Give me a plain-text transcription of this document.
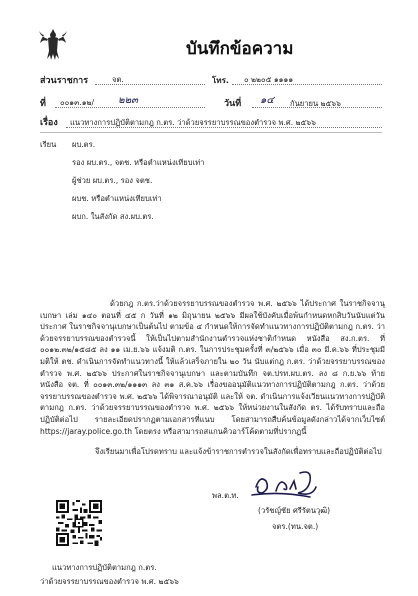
บันทึกข้อความ
ส่วนราชการ	จต.	โทร. ๐ ๒๒๐๕ ๑๑๑๑
ที่ ๐๐๑๓.๑๒/ ๒๒๓	วันที่ ๑๔ กันยายน ๒๕๖๖
เรื่อง แนวทางการปฏิบัติตามกฎ ก.ตร. ว่าด้วยจรรยาบรรณของตำรวจ พ.ศ. ๒๕๖๖
เรียน ผบ.ตร.
รอง ผบ.ตร., จตช. หรือตำแหน่งเทียบเท่า
ผู้ช่วย ผบ.ตร., รอง จตช.
ผบช. หรือตำแหน่งเทียบเท่า
ผบก. ในสังกัด สง.ผบ.ตร.

ด้วยกฎ ก.ตร.ว่าด้วยจรรยาบรรณของตำรวจ พ.ศ. ๒๕๖๖ ได้ประกาศ ในราชกิจจานุเบกษา เล่ม ๑๔๐ ตอนที่ ๔๕ ก วันที่ ๑๒ มิถุนายน ๒๕๖๖ มีผลใช้บังคับเมื่อพ้นกำหนดหกสิบวันนับแต่วันประกาศ ในราชกิจจานุเบกษาเป็นต้นไป ตามข้อ ๔ กำหนดให้การจัดทำแนวทางการปฏิบัติตามกฎ ก.ตร. ว่าด้วยจรรยาบรรณของตำรวจนี้ ให้เป็นไปตามสำนักงานตำรวจแห่งชาติกำหนด หนังสือ สง.ก.ตร. ที่ ๐๐๑๒.๓๒/๑๕๘๕ ลง ๑๑ เม.ย.๖๖ แจ้งมติ ก.ตร. ในการประชุมครั้งที่ ๓/๒๕๖๖ เมื่อ ๓๐ มี.ค.๖๖ ที่ประชุมมีมติให้ ตช. ดำเนินการจัดทำแนวทางนี้ ให้แล้วเสร็จภายใน ๒๐ วัน นับแต่กฎ ก.ตร. ว่าด้วยจรรยาบรรณของตำรวจ พ.ศ. ๒๕๖๖ ประกาศในราชกิจจานุเบกษา และตามบันทึก จต.ปรท.ผบ.ตร. ลง ๘ ก.ย.๖๖ ท้ายหนังสือ จต. ที่ ๐๐๑๓.๓๒/๑๑๑๓ ลง ๓๑ ส.ค.๖๖ เรื่องขออนุมัติแนวทางการปฏิบัติตามกฎ ก.ตร. ว่าด้วยจรรยาบรรณของตำรวจ พ.ศ. ๒๕๖๖ ได้พิจารณาอนุมัติ และให้ จต. ดำเนินการแจ้งเวียนแนวทางการปฏิบัติตามกฎ ก.ตร. ว่าด้วยจรรยาบรรณของตำรวจ พ.ศ. ๒๕๖๖ ให้หน่วยงานในสังกัด ตร. ได้รับทราบและถือปฏิบัติต่อไป รายละเอียดปรากฏตามเอกสารที่แนบ โดยสามารถสืบค้นข้อมูลดังกล่าวได้จากเว็บไซต์ https://jaray.police.go.th โดยตรง หรือสามารถสแกนคิวอาร์โค้ดตามที่ปรากฏนี้

จึงเรียนมาเพื่อโปรดทราบ และแจ้งข้าราชการตำรวจในสังกัดเพื่อทราบและถือปฏิบัติต่อไป
พล.ต.ท.
(วรัชญ์ชัย ศรีรัตนวุฒิ)
จตร.(ทน.จต.)
แนวทางการปฏิบัติตามกฎ ก.ตร.
ว่าด้วยจรรยาบรรณของตำรวจ พ.ศ. ๒๕๖๖
